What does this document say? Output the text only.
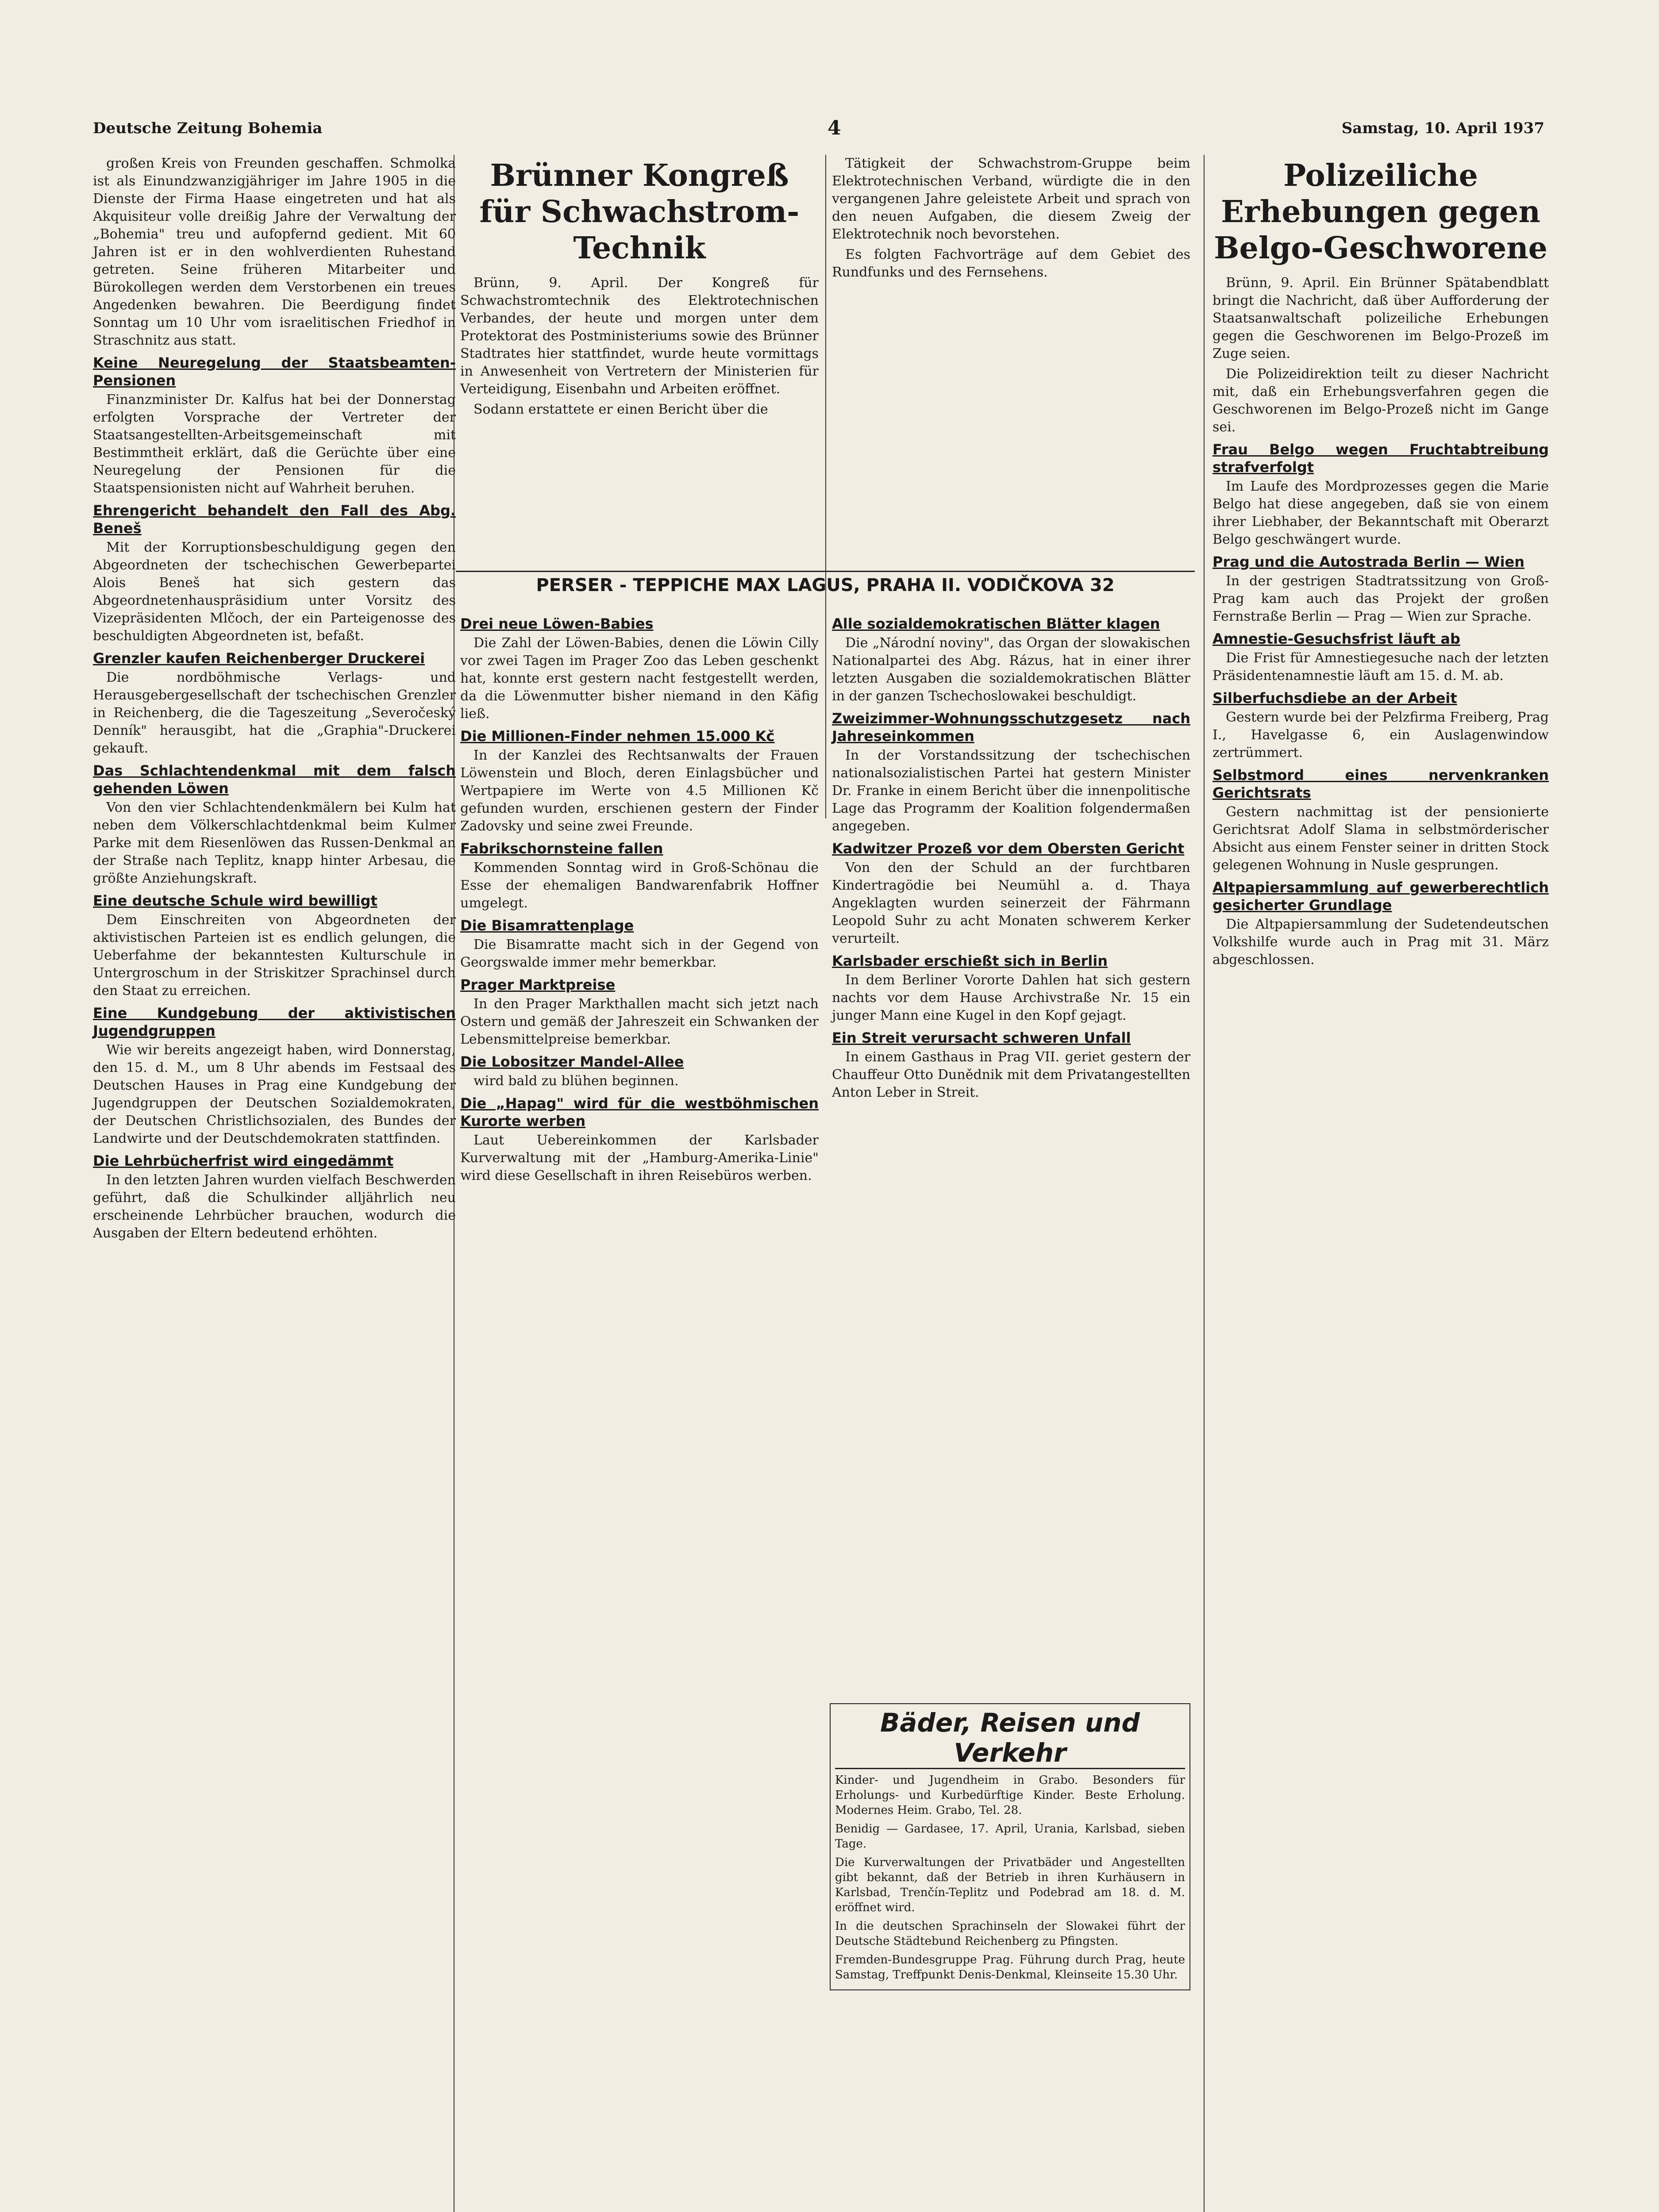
Deutsche Zeitung Bohemia	4	Samstag, 10. April 1937

großen Kreis von Freunden geschaffen. Schmolka ist als Einundzwanzigjähriger im Jahre 1905 in die Dienste der Firma Haase eingetreten und hat als Akquisiteur volle dreißig Jahre der Verwaltung der „Bohemia" treu und aufopfernd gedient. Mit 60 Jahren ist er in den wohlverdienten Ruhestand getreten. Seine früheren Mitarbeiter und Bürokollegen werden dem Verstorbenen ein treues Angedenken bewahren. Die Beerdigung findet Sonntag um 10 Uhr vom israelitischen Friedhof in Straschnitz aus statt.

Keine Neuregelung der Staatsbeamten-Pensionen

Finanzminister Dr. Kalfus hat bei der Donnerstag erfolgten Vorsprache der Vertreter der Staatsangestellten-Arbeitsgemeinschaft mit Bestimmtheit erklärt, daß die Gerüchte über eine Neuregelung der Pensionen für die Staatspensionisten nicht auf Wahrheit beruhen.

Ehrengericht behandelt den Fall des Abg. Beneš

Mit der Korruptionsbeschuldigung gegen den Abgeordneten der tschechischen Gewerbepartei Alois Beneš hat sich gestern das Abgeordnetenhauspräsidium unter Vorsitz des Vizepräsidenten Mlčoch, der ein Parteigenosse des beschuldigten Abgeordneten ist, befaßt.

Grenzler kaufen Reichenberger Druckerei

Die nordböhmische Verlags- und Herausgebergesellschaft der tschechischen Grenzler in Reichenberg, die die Tageszeitung „Severočeský Denník" herausgibt, hat die „Graphia"-Druckerei gekauft.

Das Schlachtendenkmal mit dem falsch gehenden Löwen

Von den vier Schlachtendenkmälern bei Kulm hat neben dem Völkerschlachtdenkmal beim Kulmer Parke mit dem Riesenlöwen das Russen-Denkmal an der Straße nach Teplitz, knapp hinter Arbesau, die größte Anziehungskraft.

Eine deutsche Schule wird bewilligt

Dem Einschreiten von Abgeordneten der aktivistischen Parteien ist es endlich gelungen, die Ueberfahme der bekanntesten Kulturschule in Untergroschum in der Striskitzer Sprachinsel durch den Staat zu erreichen.

Eine Kundgebung der aktivistischen Jugendgruppen

Wie wir bereits angezeigt haben, wird Donnerstag, den 15. d. M., um 8 Uhr abends im Festsaal des Deutschen Hauses in Prag eine Kundgebung der Jugendgruppen der Deutschen Sozialdemokraten, der Deutschen Christlichsozialen, des Bundes der Landwirte und der Deutschdemokraten stattfinden.

Die Lehrbücherfrist wird eingedämmt

In den letzten Jahren wurden vielfach Beschwerden geführt, daß die Schulkinder alljährlich neu erscheinende Lehrbücher brauchen, wodurch die Ausgaben der Eltern bedeutend erhöhten.

Brünner Kongreß für Schwachstrom-Technik

Brünn, 9. April. Der Kongreß für Schwachstromtechnik des Elektrotechnischen Verbandes, der heute und morgen unter dem Protektorat des Postministeriums sowie des Brünner Stadtrates hier stattfindet, wurde heute vormittags in Anwesenheit von Vertretern der Ministerien für Verteidigung, Eisenbahn und Arbeiten eröffnet.

Sodann erstattete er einen Bericht über die

Tätigkeit der Schwachstrom-Gruppe beim Elektrotechnischen Verband, würdigte die in den vergangenen Jahre geleistete Arbeit und sprach von den neuen Aufgaben, die diesem Zweig der Elektrotechnik noch bevorstehen.

Es folgten Fachvorträge auf dem Gebiet des Rundfunks und des Fernsehens.

PERSER - TEPPICHE MAX LAGUS, PRAHA II. VODIČKOVA 32
Drei neue Löwen-Babies

Die Zahl der Löwen-Babies, denen die Löwin Cilly vor zwei Tagen im Prager Zoo das Leben geschenkt hat, konnte erst gestern nacht festgestellt werden, da die Löwenmutter bisher niemand in den Käfig ließ.

Die Millionen-Finder nehmen 15.000 Kč

In der Kanzlei des Rechtsanwalts der Frauen Löwenstein und Bloch, deren Einlagsbücher und Wertpapiere im Werte von 4.5 Millionen Kč gefunden wurden, erschienen gestern der Finder Zadovsky und seine zwei Freunde.

Fabrikschornsteine fallen

Kommenden Sonntag wird in Groß-Schönau die Esse der ehemaligen Bandwarenfabrik Hoffner umgelegt.

Die Bisamrattenplage

Die Bisamratte macht sich in der Gegend von Georgswalde immer mehr bemerkbar.

Prager Marktpreise

In den Prager Markthallen macht sich jetzt nach Ostern und gemäß der Jahreszeit ein Schwanken der Lebensmittelpreise bemerkbar.

Die Lobositzer Mandel-Allee

wird bald zu blühen beginnen.

Die „Hapag" wird für die westböhmischen Kurorte werben

Laut Uebereinkommen der Karlsbader Kurverwaltung mit der „Hamburg-Amerika-Linie" wird diese Gesellschaft in ihren Reisebüros werben.

Alle sozialdemokratischen Blätter klagen

Die „Národní noviny", das Organ der slowakischen Nationalpartei des Abg. Rázus, hat in einer ihrer letzten Ausgaben die sozialdemokratischen Blätter in der ganzen Tschechoslowakei beschuldigt.

Zweizimmer-Wohnungsschutzgesetz nach Jahreseinkommen

In der Vorstandssitzung der tschechischen nationalsozialistischen Partei hat gestern Minister Dr. Franke in einem Bericht über die innenpolitische Lage das Programm der Koalition folgendermaßen angegeben.

Kadwitzer Prozeß vor dem Obersten Gericht

Von den der Schuld an der furchtbaren Kindertragödie bei Neumühl a. d. Thaya Angeklagten wurden seinerzeit der Fährmann Leopold Suhr zu acht Monaten schwerem Kerker verurteilt.

Karlsbader erschießt sich in Berlin

In dem Berliner Vororte Dahlen hat sich gestern nachts vor dem Hause Archivstraße Nr. 15 ein junger Mann eine Kugel in den Kopf gejagt.

Ein Streit verursacht schweren Unfall

In einem Gasthaus in Prag VII. geriet gestern der Chauffeur Otto Dunědnik mit dem Privatangestellten Anton Leber in Streit.

Bäder, Reisen und Verkehr

Kinder- und Jugendheim in Grabo. Besonders für Erholungs- und Kurbedürftige Kinder. Beste Erholung. Modernes Heim. Grabo, Tel. 28.

Benidig — Gardasee, 17. April, Urania, Karlsbad, sieben Tage.

Die Kurverwaltungen der Privatbäder und Angestellten gibt bekannt, daß der Betrieb in ihren Kurhäusern in Karlsbad, Trenčín-Teplitz und Podebrad am 18. d. M. eröffnet wird.

In die deutschen Sprachinseln der Slowakei führt der Deutsche Städtebund Reichenberg zu Pfingsten.

Fremden-Bundesgruppe Prag. Führung durch Prag, heute Samstag, Treffpunkt Denis-Denkmal, Kleinseite 15.30 Uhr.

Polizeiliche Erhebungen gegen Belgo-Geschworene

Brünn, 9. April. Ein Brünner Spätabendblatt bringt die Nachricht, daß über Aufforderung der Staatsanwaltschaft polizeiliche Erhebungen gegen die Geschworenen im Belgo-Prozeß im Zuge seien.

Die Polizeidirektion teilt zu dieser Nachricht mit, daß ein Erhebungsverfahren gegen die Geschworenen im Belgo-Prozeß nicht im Gange sei.

Frau Belgo wegen Fruchtabtreibung strafverfolgt

Im Laufe des Mordprozesses gegen die Marie Belgo hat diese angegeben, daß sie von einem ihrer Liebhaber, der Bekanntschaft mit Oberarzt Belgo geschwängert wurde.

Prag und die Autostrada Berlin — Wien

In der gestrigen Stadtratssitzung von Groß-Prag kam auch das Projekt der großen Fernstraße Berlin — Prag — Wien zur Sprache.

Amnestie-Gesuchsfrist läuft ab

Die Frist für Amnestiegesuche nach der letzten Präsidentenamnestie läuft am 15. d. M. ab.

Silberfuchsdiebe an der Arbeit

Gestern wurde bei der Pelzfirma Freiberg, Prag I., Havelgasse 6, ein Auslagenwindow zertrümmert.

Selbstmord eines nervenkranken Gerichtsrats

Gestern nachmittag ist der pensionierte Gerichtsrat Adolf Slama in selbstmörderischer Absicht aus einem Fenster seiner in dritten Stock gelegenen Wohnung in Nusle gesprungen.

Altpapiersammlung auf gewerberechtlich gesicherter Grundlage

Die Altpapiersammlung der Sudetendeutschen Volkshilfe wurde auch in Prag mit 31. März abgeschlossen.
